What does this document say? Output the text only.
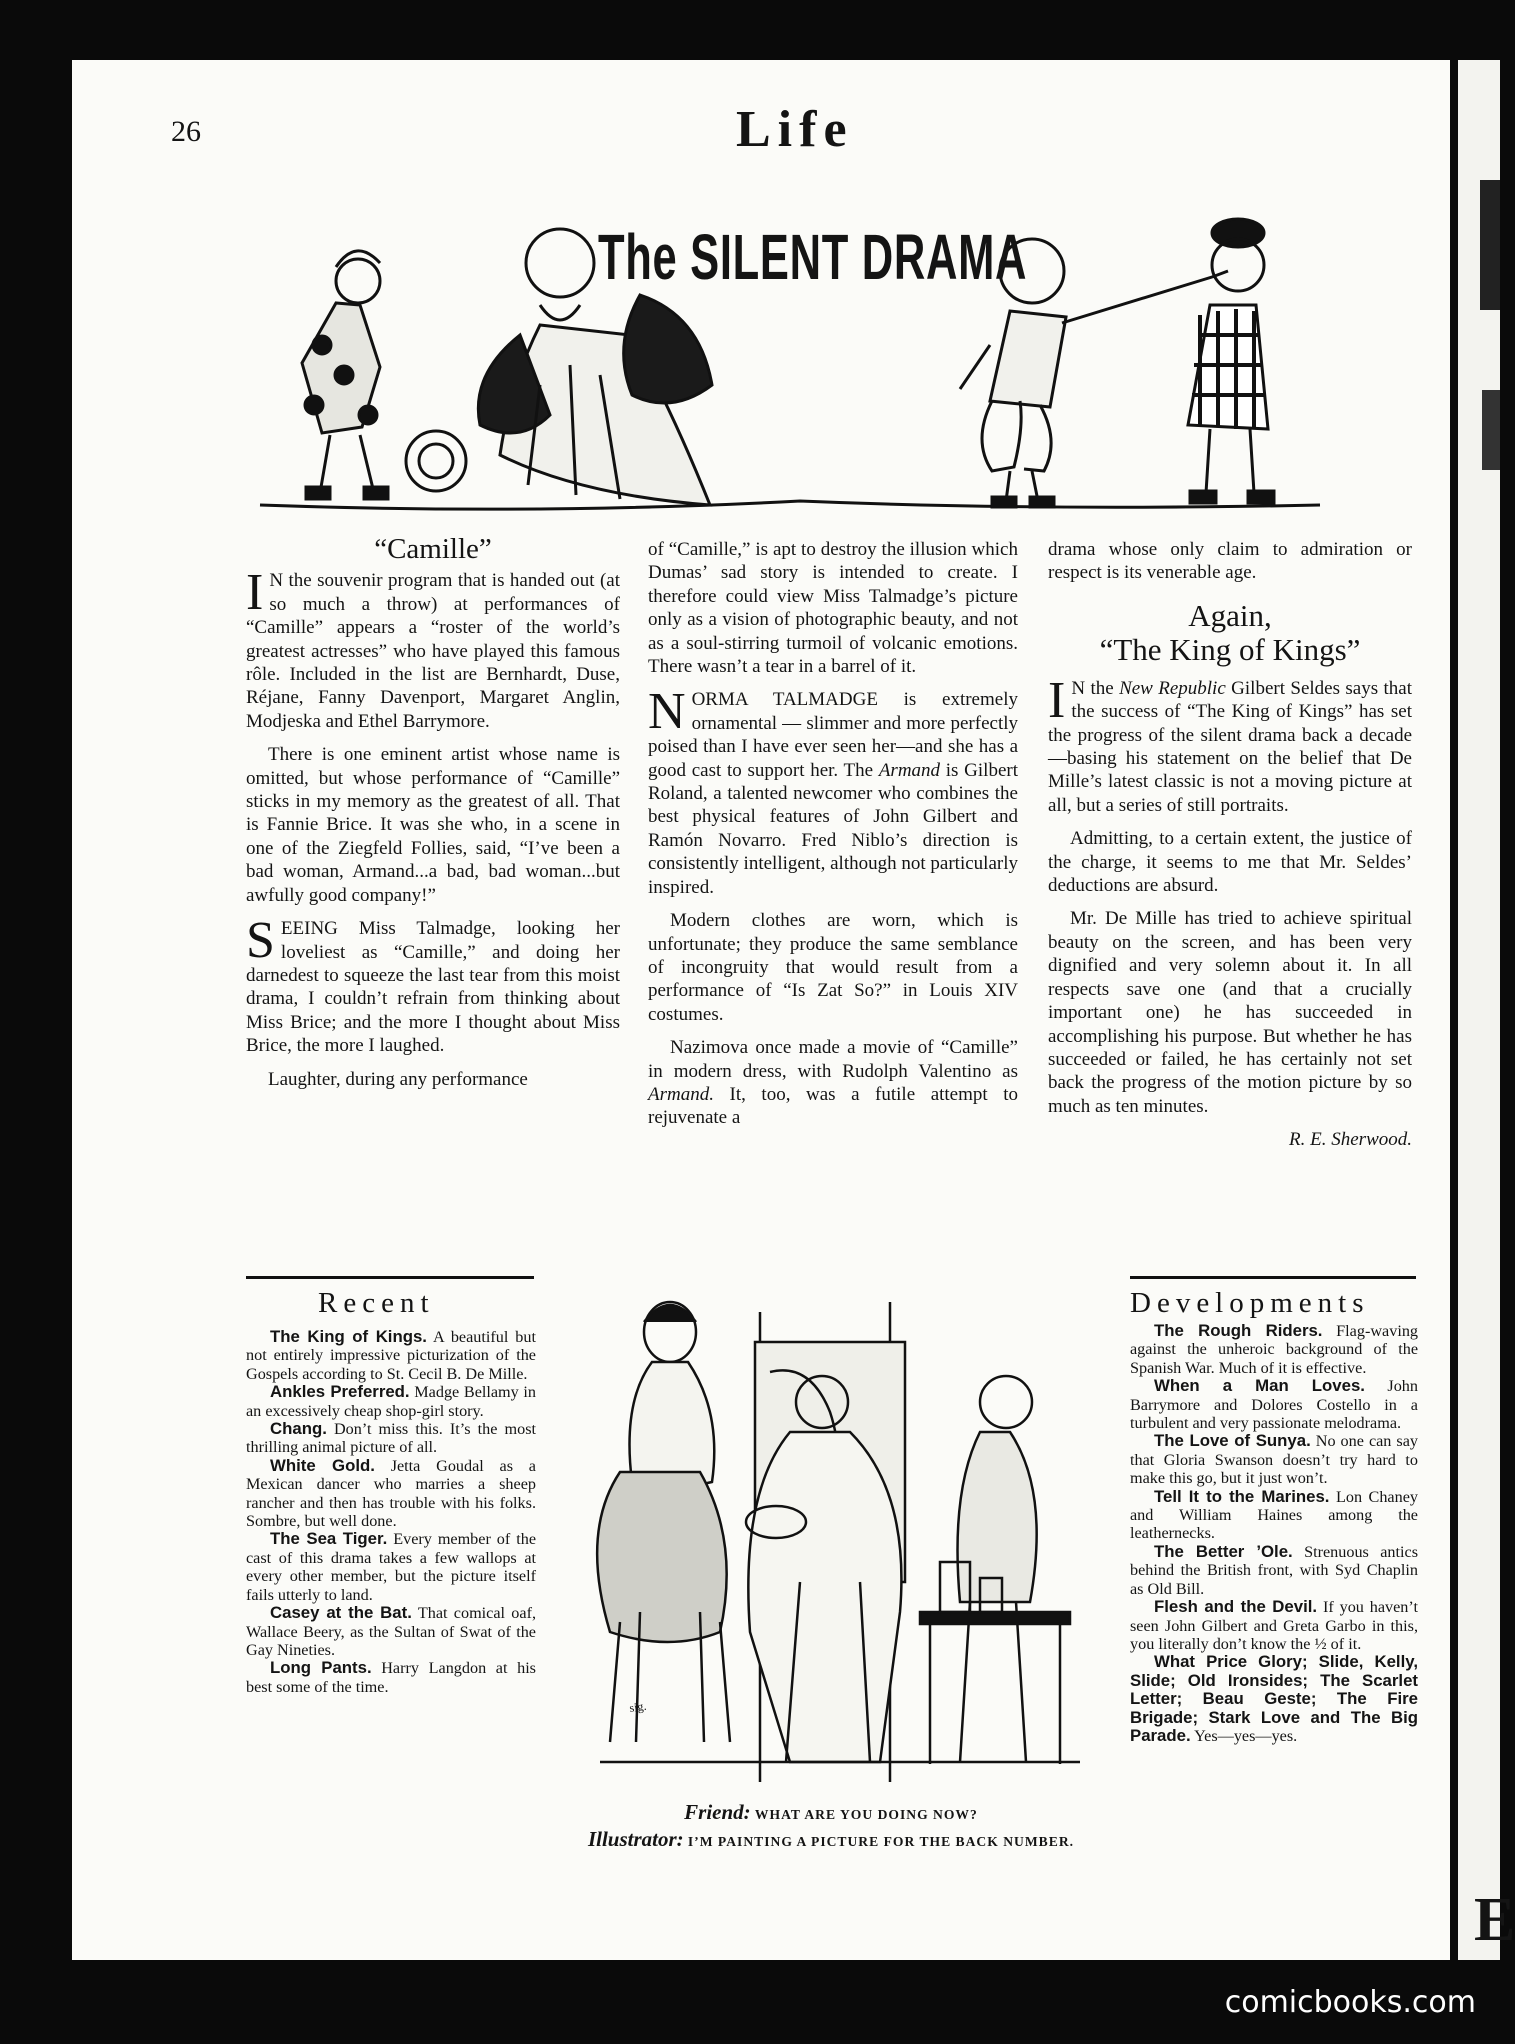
E
26	Life
The SILENT DRAMA
“Camille”

I N the souvenir program that is handed out (at so much a throw) at performances of “Camille” appears a “roster of the world’s greatest actresses” who have played this famous rôle. Included in the list are Bernhardt, Duse, Réjane, Fanny Davenport, Margaret Anglin, Modjeska and Ethel Barrymore.

There is one eminent artist whose name is omitted, but whose performance of “Camille” sticks in my memory as the greatest of all. That is Fannie Brice. It was she who, in a scene in one of the Ziegfeld Follies, said, “I’ve been a bad woman, Armand...a bad, bad woman...but awfully good company!”

SEEING Miss Talmadge, looking her loveliest as “Camille,” and doing her darnedest to squeeze the last tear from this moist drama, I couldn’t refrain from thinking about Miss Brice; and the more I thought about Miss Brice, the more I laughed.

Laughter, during any performance

of “Camille,” is apt to destroy the illusion which Dumas’ sad story is intended to create. I therefore could view Miss Talmadge’s picture only as a vision of photographic beauty, and not as a soul-stirring turmoil of volcanic emotions. There wasn’t a tear in a barrel of it.

NORMA TALMADGE is extremely ornamental — slimmer and more perfectly poised than I have ever seen her—and she has a good cast to support her. The Armand is Gilbert Roland, a talented newcomer who combines the best physical features of John Gilbert and Ramón Novarro. Fred Niblo’s direction is consistently intelligent, although not particularly inspired.

Modern clothes are worn, which is unfortunate; they produce the same semblance of incongruity that would result from a performance of “Is Zat So?” in Louis XIV costumes.

Nazimova once made a movie of “Camille” in modern dress, with Rudolph Valentino as Armand. It, too, was a futile attempt to rejuvenate a

drama whose only claim to admiration or respect is its venerable age.

Again,
“The King of Kings”

I N the New Republic Gilbert Seldes says that the success of “The King of Kings” has set the progress of the silent drama back a decade—basing his statement on the belief that De Mille’s latest classic is not a moving picture at all, but a series of still portraits.

Admitting, to a certain extent, the justice of the charge, it seems to me that Mr. Seldes’ deductions are absurd.

Mr. De Mille has tried to achieve spiritual beauty on the screen, and has been very dignified and very solemn about it. In all respects save one (and that a crucially important one) he has succeeded in accomplishing his purpose. But whether he has succeeded or failed, he has certainly not set back the progress of the motion picture by so much as ten minutes.

R. E. Sherwood.
Recent	Developments

The King of Kings. A beautiful but not entirely impressive picturization of the Gospels according to St. Cecil B. De Mille.

Ankles Preferred. Madge Bellamy in an excessively cheap shop-girl story.

Chang. Don’t miss this. It’s the most thrilling animal picture of all.

White Gold. Jetta Goudal as a Mexican dancer who marries a sheep rancher and then has trouble with his folks. Sombre, but well done.

The Sea Tiger. Every member of the cast of this drama takes a few wallops at every other member, but the picture itself fails utterly to land.

Casey at the Bat. That comical oaf, Wallace Beery, as the Sultan of Swat of the Gay Nineties.

Long Pants. Harry Langdon at his best some of the time.

The Rough Riders. Flag-waving against the unheroic background of the Spanish War. Much of it is effective.

When a Man Loves. John Barrymore and Dolores Costello in a turbulent and very passionate melodrama.

The Love of Sunya. No one can say that Gloria Swanson doesn’t try hard to make this go, but it just won’t.

Tell It to the Marines. Lon Chaney and William Haines among the leathernecks.

The Better ’Ole. Strenuous antics behind the British front, with Syd Chaplin as Old Bill.

Flesh and the Devil. If you haven’t seen John Gilbert and Greta Garbo in this, you literally don’t know the ½ of it.

What Price Glory; Slide, Kelly, Slide; Old Ironsides; The Scarlet Letter; Beau Geste; The Fire Brigade; Stark Love and The Big Parade. Yes—yes—yes.

sig.
Friend: WHAT ARE YOU DOING NOW?
Illustrator: I’M PAINTING A PICTURE FOR THE BACK NUMBER.
comicbooks.com
